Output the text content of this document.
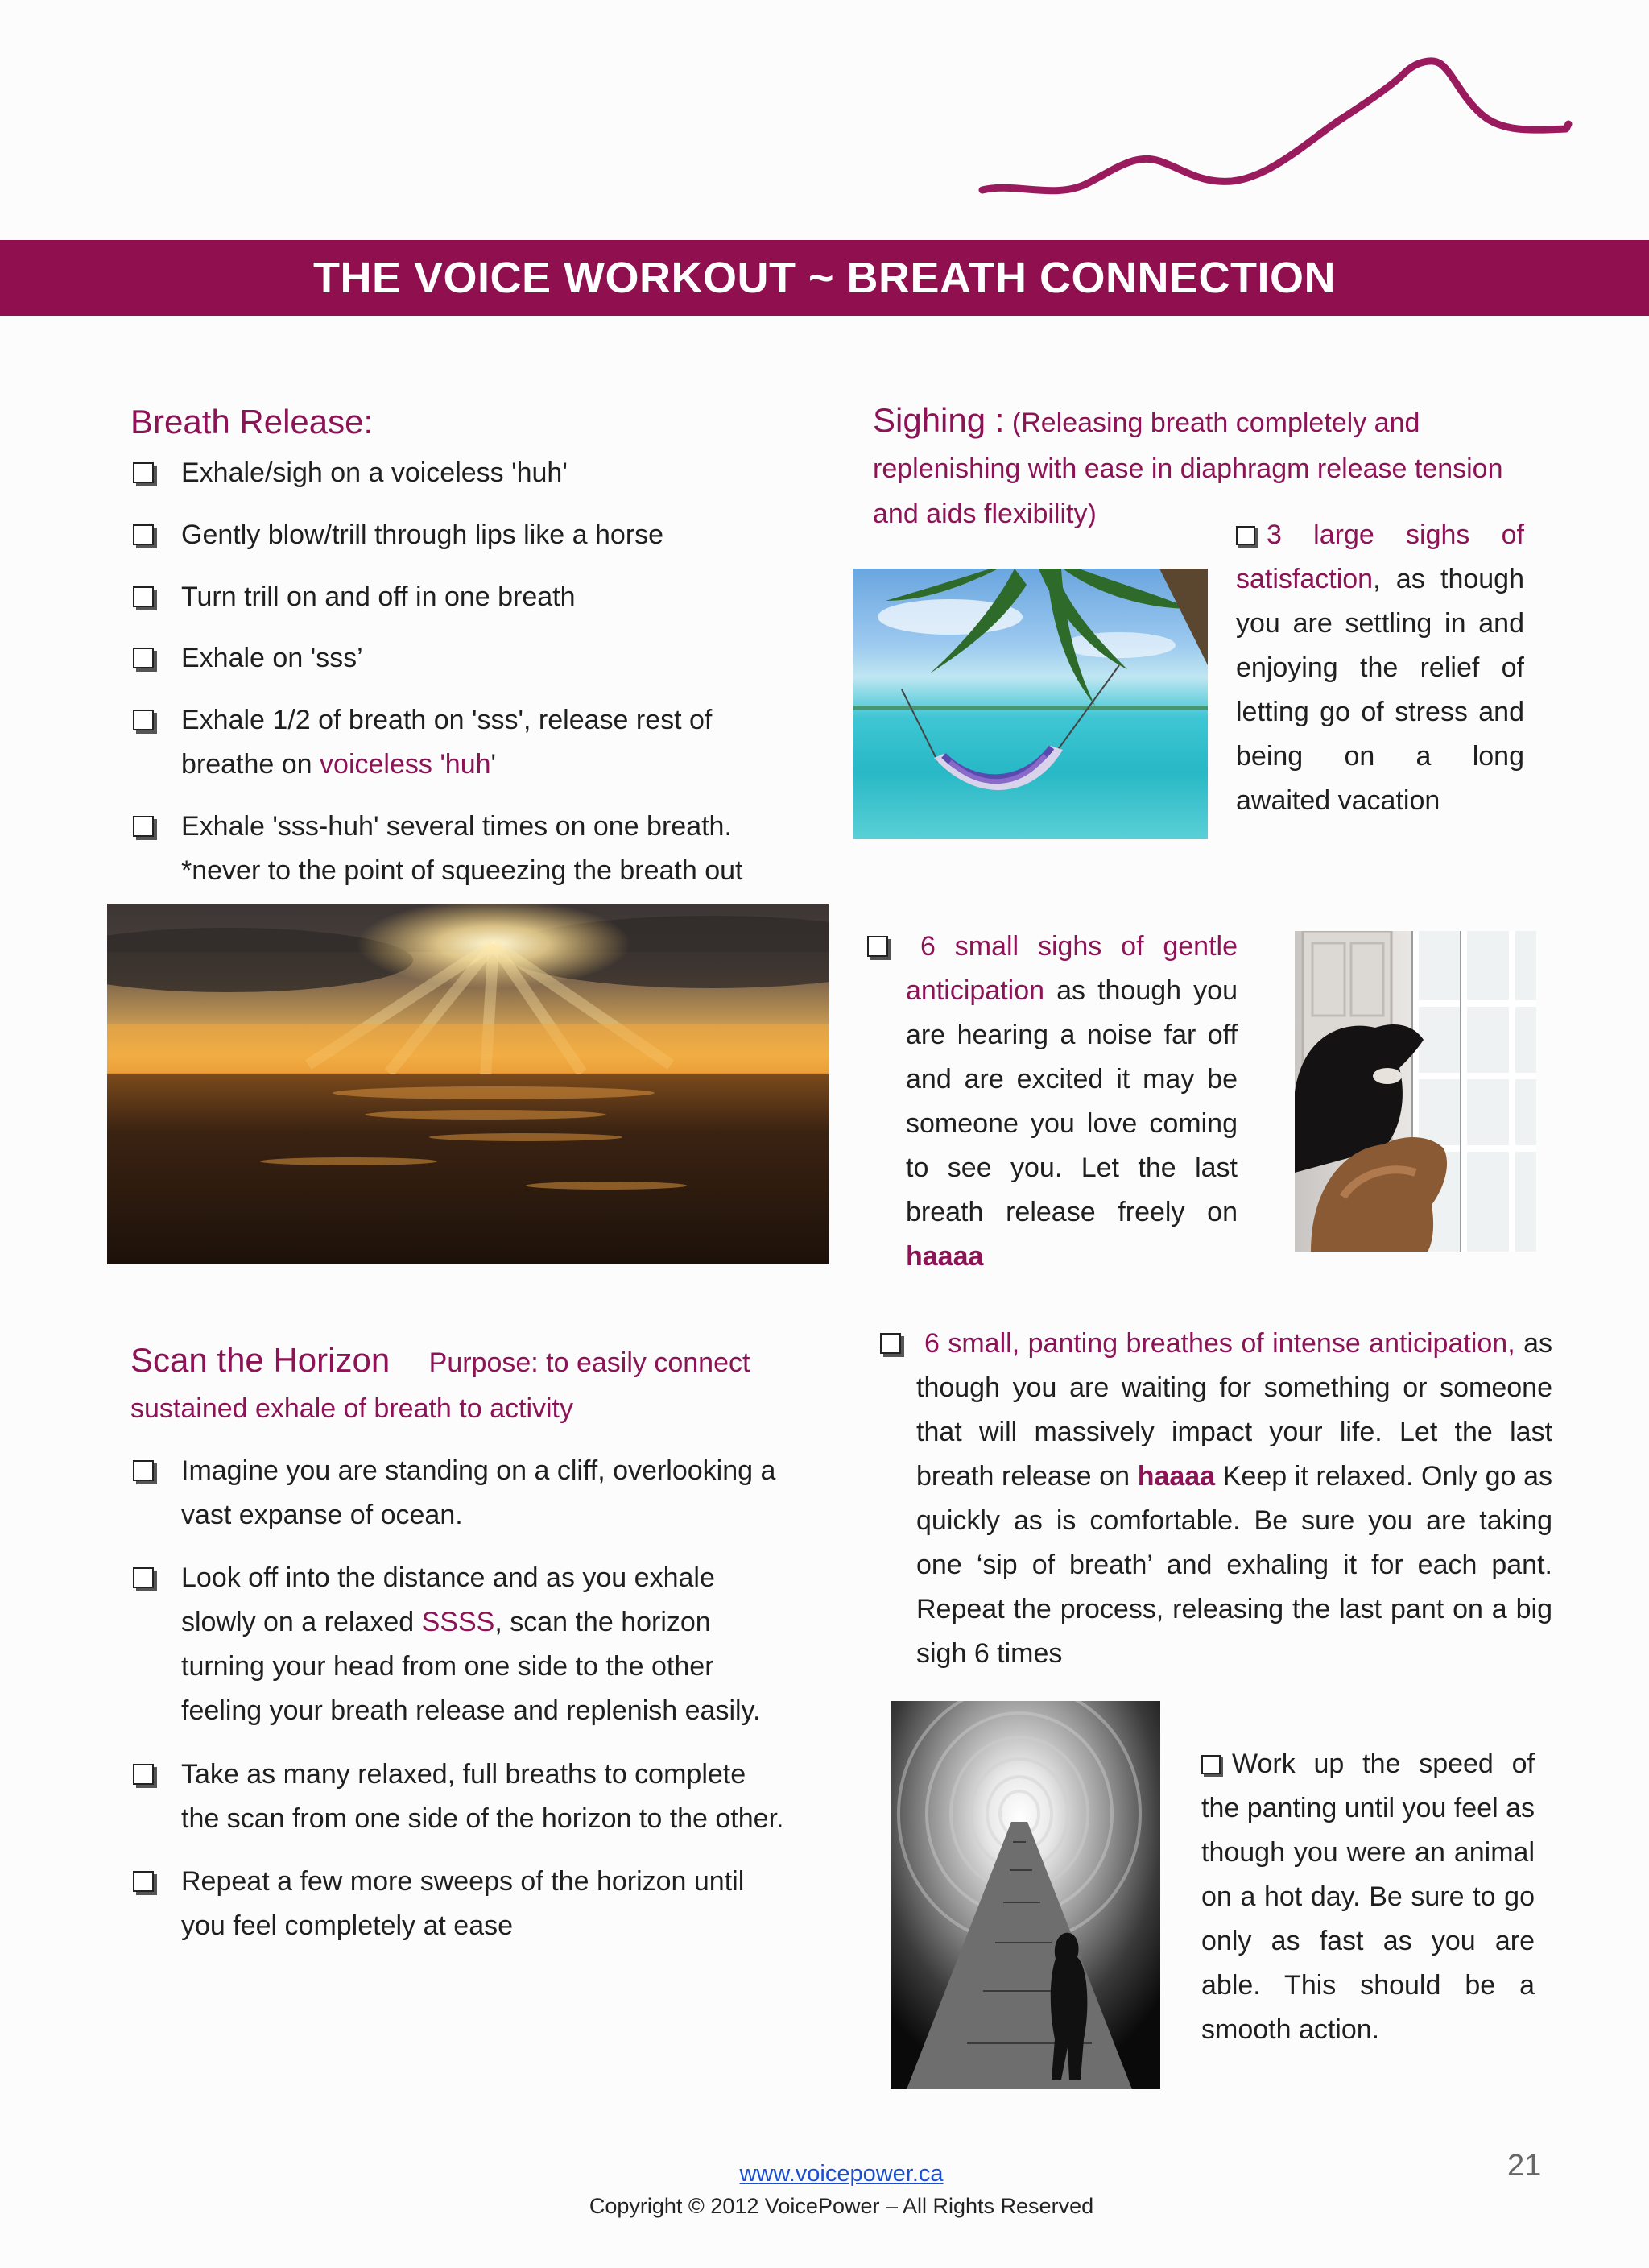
THE VOICE WORKOUT ~ BREATH CONNECTION
Breath Release:
Exhale/sigh on a voiceless 'huh'
Gently blow/trill through lips like a horse
Turn trill on and off in one breath
Exhale on 'sss’
Exhale 1/2 of breath on 'sss', release rest of
breathe on voiceless 'huh'
Exhale 'sss-huh' several times on one breath.
*never to the point of squeezing the breath out
Scan the Horizon Purpose: to easily connect
sustained exhale of breath to activity
Imagine you are standing on a cliff, overlooking a
vast expanse of ocean.
Look off into the distance and as you exhale
slowly on a relaxed SSSS, scan the horizon
turning your head from one side to the other
feeling your breath release and replenish easily.
Take as many relaxed, full breaths to complete
the scan from one side of the horizon to the other.
Repeat a few more sweeps of the horizon until
you feel completely at ease
Sighing : (Releasing breath completely and
replenishing with ease in diaphragm release tension
and aids flexibility)
3 large sighs of satisfaction, as though you are settling in and enjoying the relief of letting go of stress and being on a long awaited vacation
6 small sighs of gentle anticipation as though you are hearing a noise far off and are excited it may be someone you love coming to see you. Let the last breath release freely on haaaa
6 small, panting breathes of intense anticipation, as though you are waiting for something or someone that will massively impact your life. Let the last breath release on haaaa Keep it relaxed. Only go as quickly as is comfortable. Be sure you are taking one ‘sip of breath’ and exhaling it for each pant. Repeat the process, releasing the last pant on a big sigh 6 times
Work up the speed of the panting until you feel as though you were an animal on a hot day. Be sure to go only as fast as you are able. This should be a smooth action.
21
www.voicepower.ca
Copyright © 2012 VoicePower – All Rights Reserved
